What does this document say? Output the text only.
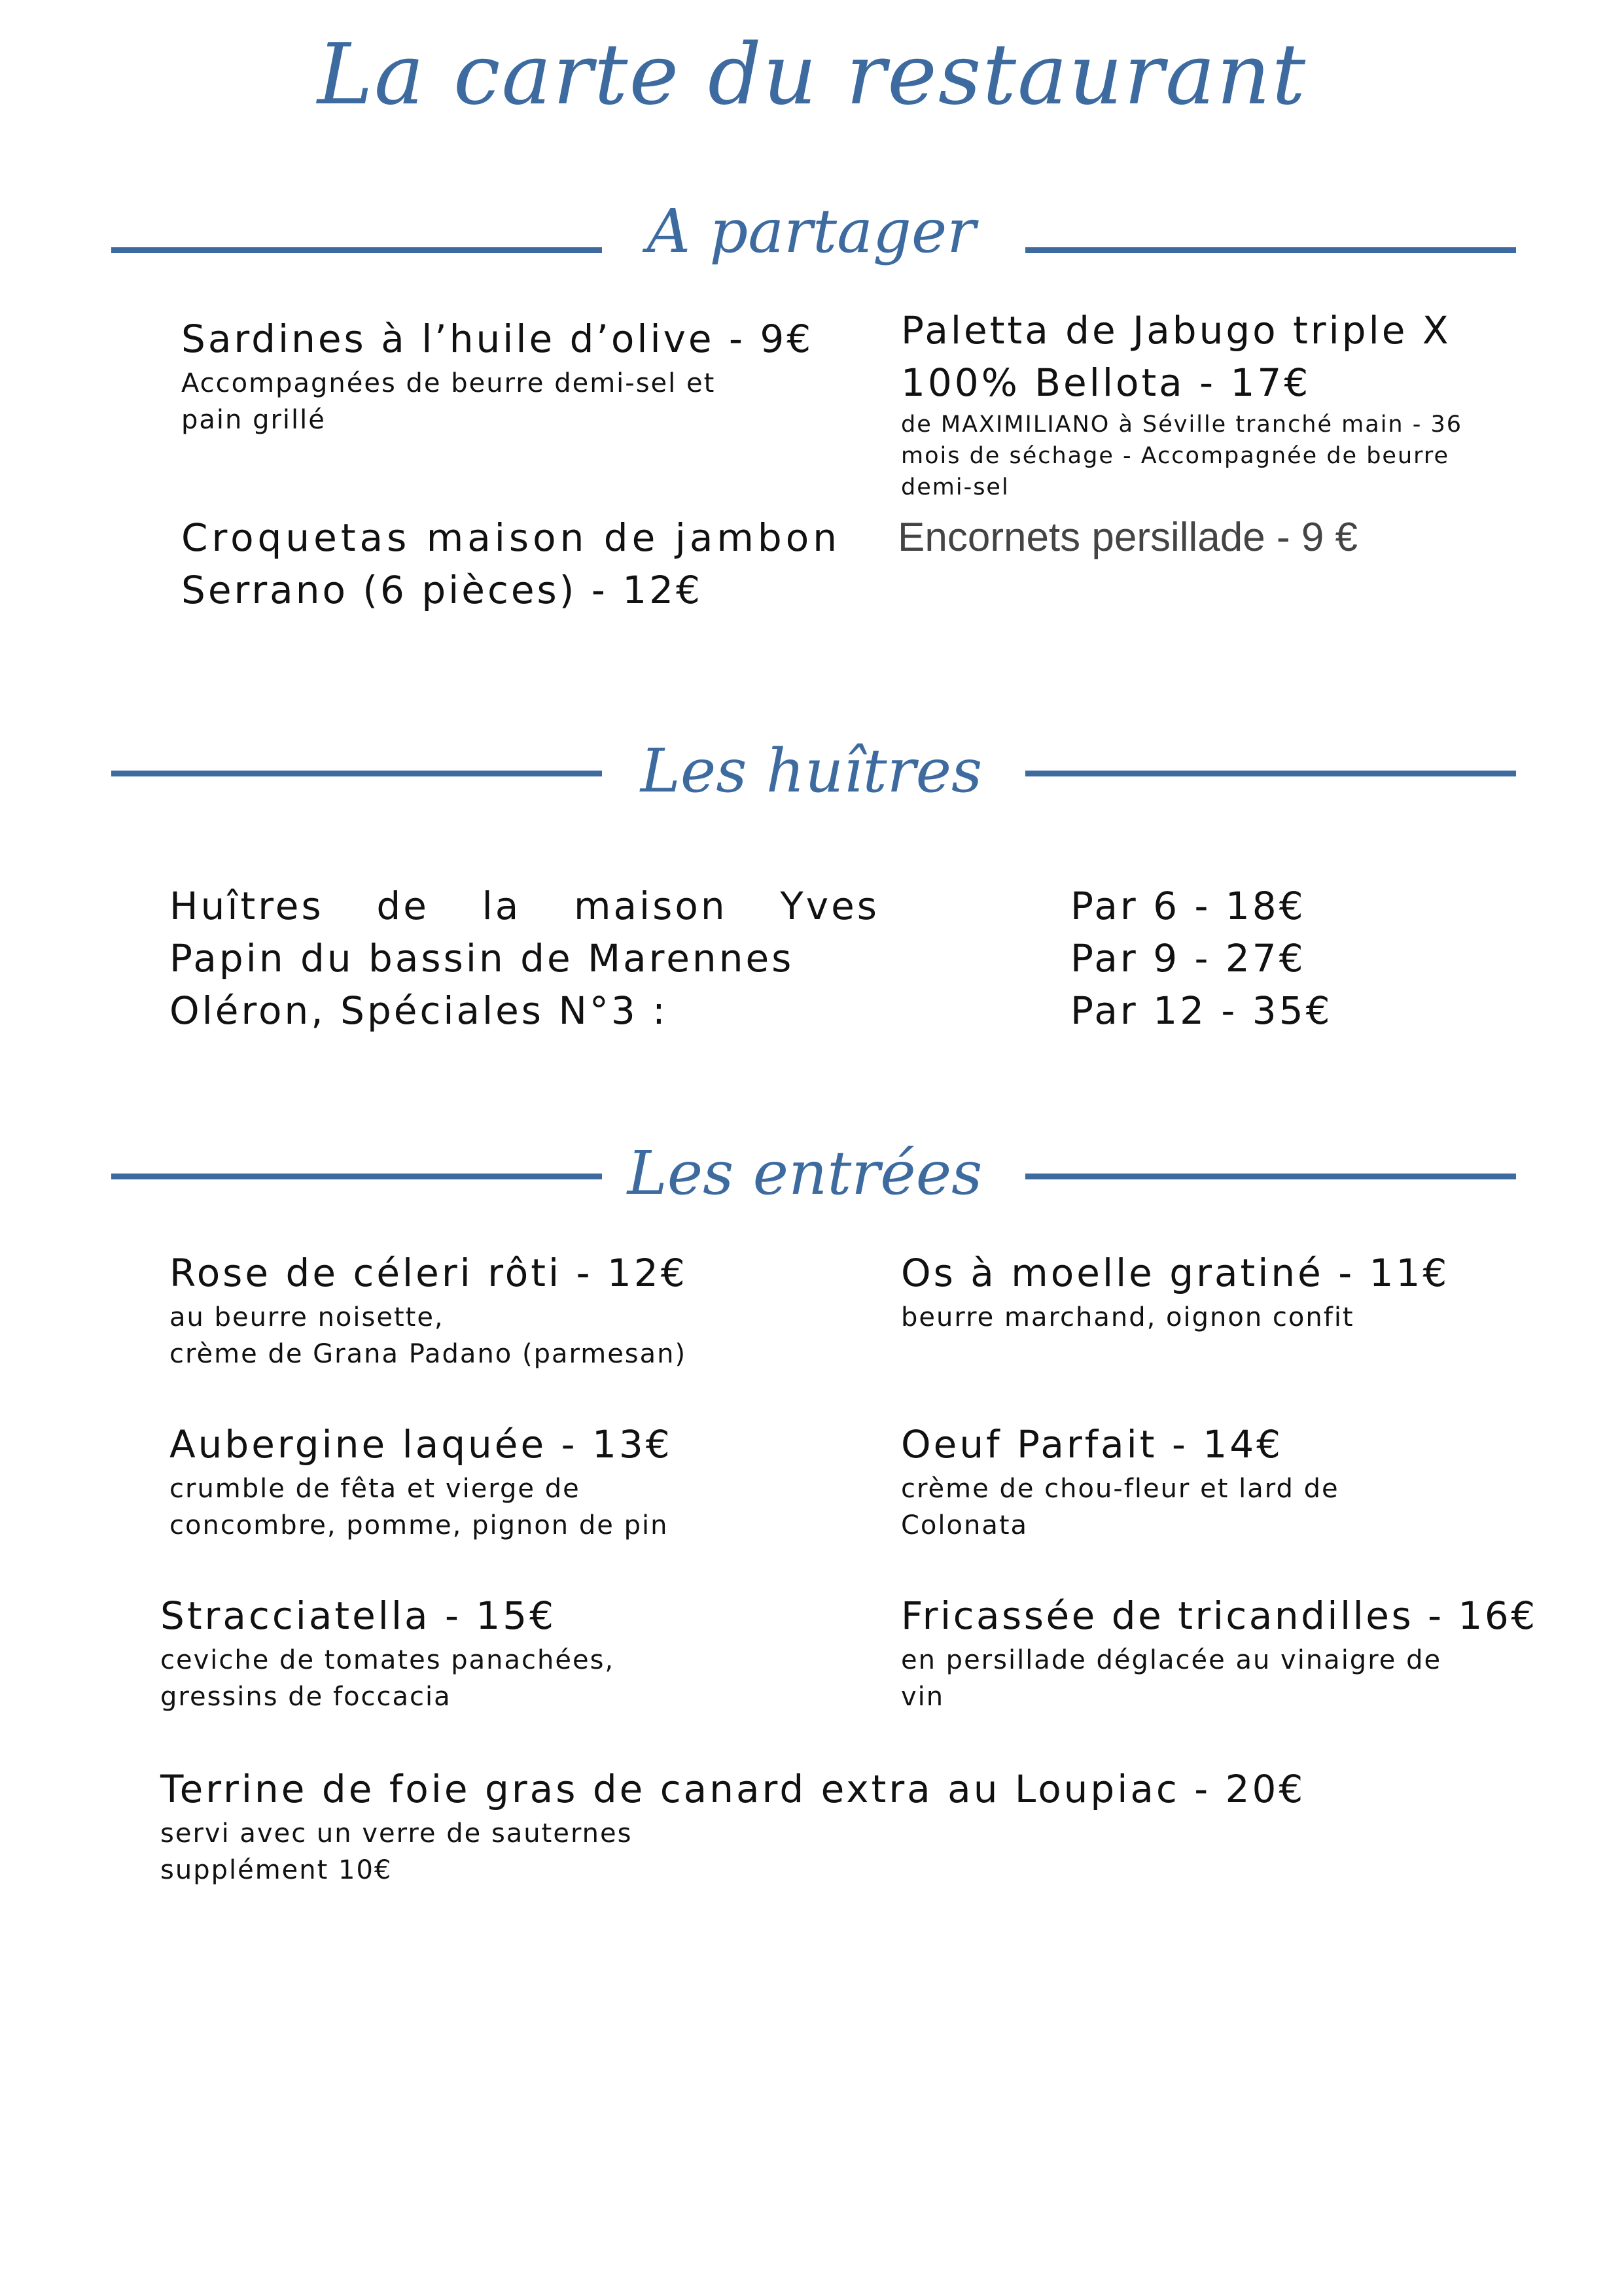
La carte du restaurant
A partager
Sardines à l’huile d’olive - 9€
Accompagnées de beurre demi-sel et
pain grillé
Paletta de Jabugo triple X
100% Bellota - 17€
de MAXIMILIANO à Séville tranché main - 36
mois de séchage - Accompagnée de beurre
demi-sel
Croquetas maison de jambon
Serrano (6 pièces) - 12€
Encornets persillade - 9 €
Les huîtres
Huîtres de la maison Yves
Papin du bassin de Marennes
Oléron, Spéciales N°3 :
Par 6 - 18€
Par 9 - 27€
Par 12 - 35€
Les entrées
Rose de céleri rôti - 12€
au beurre noisette,
crème de Grana Padano (parmesan)
Os à moelle gratiné - 11€
beurre marchand, oignon confit
Aubergine laquée - 13€
crumble de fêta et vierge de
concombre, pomme, pignon de pin
Oeuf Parfait - 14€
crème de chou-fleur et lard de
Colonata
Stracciatella - 15€
ceviche de tomates panachées,
gressins de foccacia
Fricassée de tricandilles - 16€
en persillade déglacée au vinaigre de
vin
Terrine de foie gras de canard extra au Loupiac - 20€
servi avec un verre de sauternes
supplément 10€
